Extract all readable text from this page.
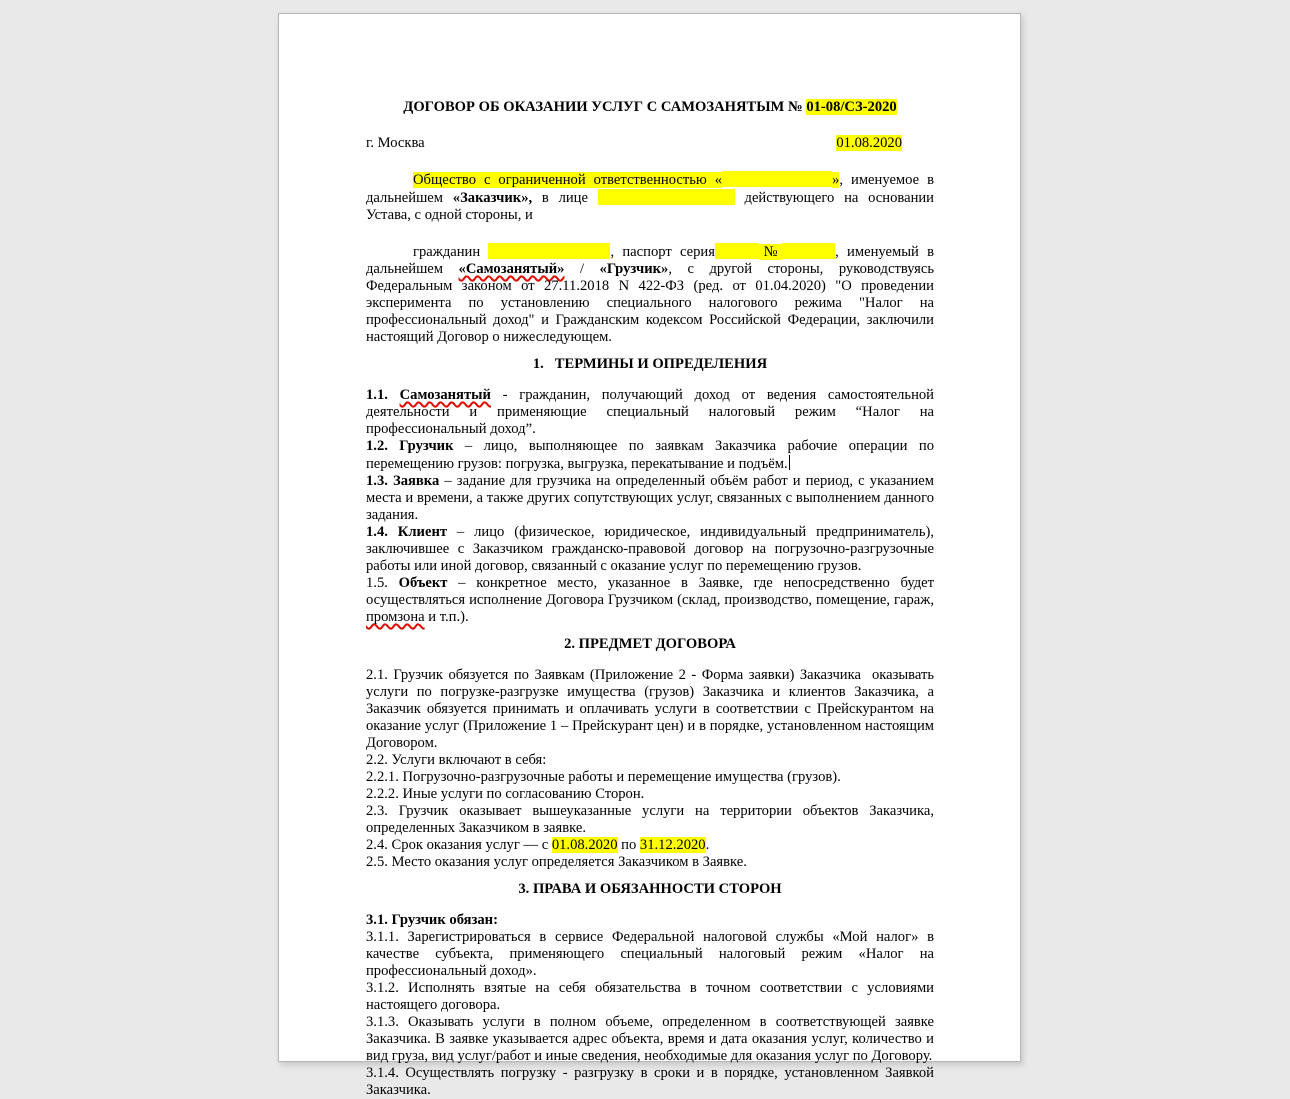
ДОГОВОР ОБ ОКАЗАНИИ УСЛУГ С САМОЗАНЯТЫМ № 01-08/СЗ-2020
г. Москва	01.08.2020
Общество с ограниченной ответственностью «	», именуемое в дальнейшем «Заказчик», в лице	действующего на основании Устава, с одной стороны, и
гражданин	, паспорт серия	№	, именуемый в дальнейшем «Самозанятый» / «Грузчик», с другой стороны, руководствуясь Федеральным законом от 27.11.2018 N 422-ФЗ (ред. от 01.04.2020) "О проведении эксперимента по установлению специального налогового режима "Налог на профессиональный доход" и Гражданским кодексом Российской Федерации, заключили настоящий Договор о нижеследующем.
1.   ТЕРМИНЫ И ОПРЕДЕЛЕНИЯ
1.1. Самозанятый - гражданин, получающий доход от ведения самостоятельной деятельности и применяющие специальный налоговый режим “Налог на профессиональный доход”.
1.2. Грузчик – лицо, выполняющее по заявкам Заказчика рабочие операции по перемещению грузов: погрузка, выгрузка, перекатывание и подъём.
1.3. Заявка – задание для грузчика на определенный объём работ и период, с указанием места и времени, а также других сопутствующих услуг, связанных с выполнением данного задания.
1.4. Клиент – лицо (физическое, юридическое, индивидуальный предприниматель), заключившее с Заказчиком гражданско-правовой договор на погрузочно-разгрузочные работы или иной договор, связанный с оказание услуг по перемещению грузов.
1.5. Объект – конкретное место, указанное в Заявке, где непосредственно будет осуществляться исполнение Договора Грузчиком (склад, производство, помещение, гараж, промзона и т.п.).
2. ПРЕДМЕТ ДОГОВОРА
2.1. Грузчик обязуется по Заявкам (Приложение 2 - Форма заявки) Заказчика  оказывать услуги по погрузке-разгрузке имущества (грузов) Заказчика и клиентов Заказчика, а Заказчик обязуется принимать и оплачивать услуги в соответствии с Прейскурантом на оказание услуг (Приложение 1 – Прейскурант цен) и в порядке, установленном настоящим Договором.
2.2. Услуги включают в себя:
2.2.1. Погрузочно-разгрузочные работы и перемещение имущества (грузов).
2.2.2. Иные услуги по согласованию Сторон.
2.3. Грузчик оказывает вышеуказанные услуги на территории объектов Заказчика, определенных Заказчиком в заявке.
2.4. Срок оказания услуг — с 01.08.2020 по 31.12.2020.
2.5. Место оказания услуг определяется Заказчиком в Заявке.
3. ПРАВА И ОБЯЗАННОСТИ СТОРОН
3.1. Грузчик обязан:
3.1.1. Зарегистрироваться в сервисе Федеральной налоговой службы «Мой налог» в качестве субъекта, применяющего специальный налоговый режим «Налог на профессиональный доход».
3.1.2. Исполнять взятые на себя обязательства в точном соответствии с условиями настоящего договора.
3.1.3. Оказывать услуги в полном объеме, определенном в соответствующей заявке Заказчика. В заявке указывается адрес объекта, время и дата оказания услуг, количество и вид груза, вид услуг/работ и иные сведения, необходимые для оказания услуг по Договору.
3.1.4. Осуществлять погрузку - разгрузку в сроки и в порядке, установленном Заявкой Заказчика.
